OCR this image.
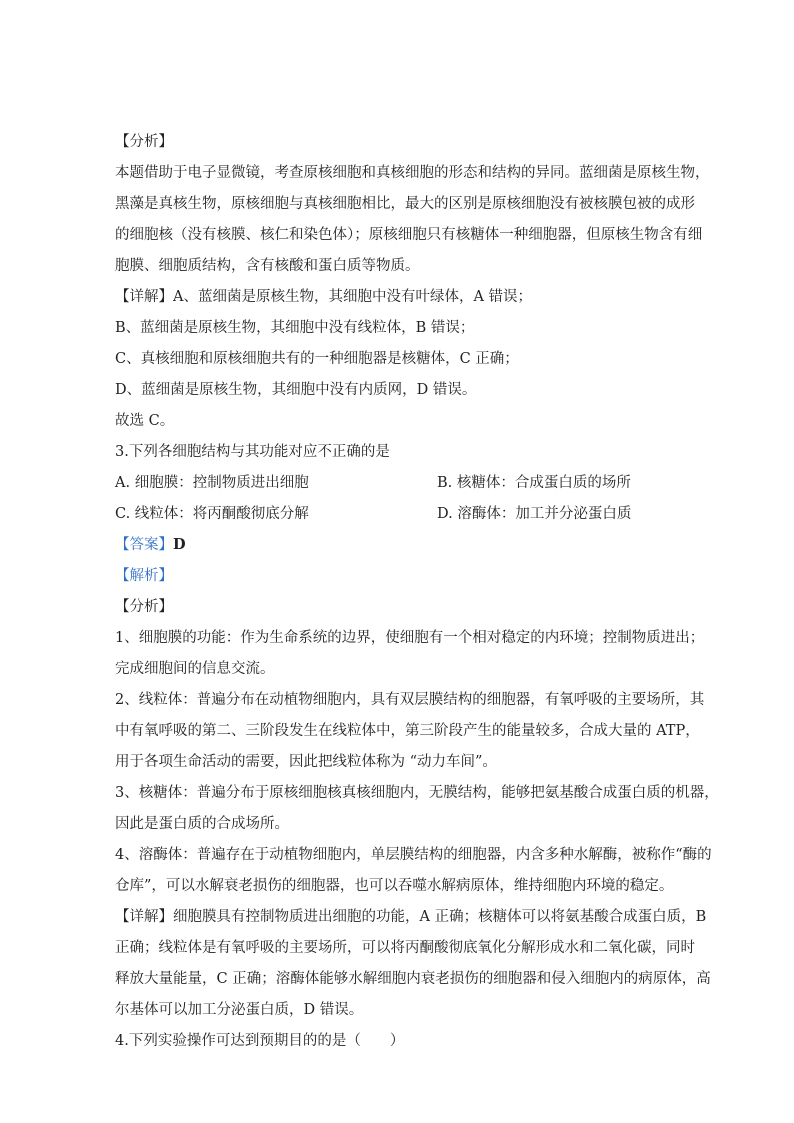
【分析】
本题借助于电子显微镜，考查原核细胞和真核细胞的形态和结构的异同。蓝细菌是原核生物，
黑藻是真核生物，原核细胞与真核细胞相比，最大的区别是原核细胞没有被核膜包被的成形
的细胞核（没有核膜、核仁和染色体）；原核细胞只有核糖体一种细胞器，但原核生物含有细
胞膜、细胞质结构，含有核酸和蛋白质等物质。
【详解】A、蓝细菌是原核生物，其细胞中没有叶绿体，A 错误；
B、蓝细菌是原核生物，其细胞中没有线粒体，B 错误；
C、真核细胞和原核细胞共有的一种细胞器是核糖体，C 正确；
D、蓝细菌是原核生物，其细胞中没有内质网，D 错误。
故选 C。
3.下列各细胞结构与其功能对应不正确的是
A. 细胞膜：控制物质进出细胞	B. 核糖体：合成蛋白质的场所
C. 线粒体：将丙酮酸彻底分解	D. 溶酶体：加工并分泌蛋白质
【答案】D
【解析】
【分析】
1、细胞膜的功能：作为生命系统的边界，使细胞有一个相对稳定的内环境；控制物质进出；
完成细胞间的信息交流。
2、线粒体：普遍分布在动植物细胞内，具有双层膜结构的细胞器，有氧呼吸的主要场所，其
中有氧呼吸的第二、三阶段发生在线粒体中，第三阶段产生的能量较多，合成大量的 ATP，
用于各项生命活动的需要，因此把线粒体称为 “动力车间”。
3、核糖体：普遍分布于原核细胞核真核细胞内，无膜结构，能够把氨基酸合成蛋白质的机器，
因此是蛋白质的合成场所。
4、溶酶体：普遍存在于动植物细胞内，单层膜结构的细胞器，内含多种水解酶，被称作“酶的
仓库”，可以水解衰老损伤的细胞器，也可以吞噬水解病原体，维持细胞内环境的稳定。
【详解】细胞膜具有控制物质进出细胞的功能，A 正确；核糖体可以将氨基酸合成蛋白质，B
正确；线粒体是有氧呼吸的主要场所，可以将丙酮酸彻底氧化分解形成水和二氧化碳，同时
释放大量能量，C 正确；溶酶体能够水解细胞内衰老损伤的细胞器和侵入细胞内的病原体，高
尔基体可以加工分泌蛋白质，D 错误。
4.下列实验操作可达到预期目的的是（　　）
